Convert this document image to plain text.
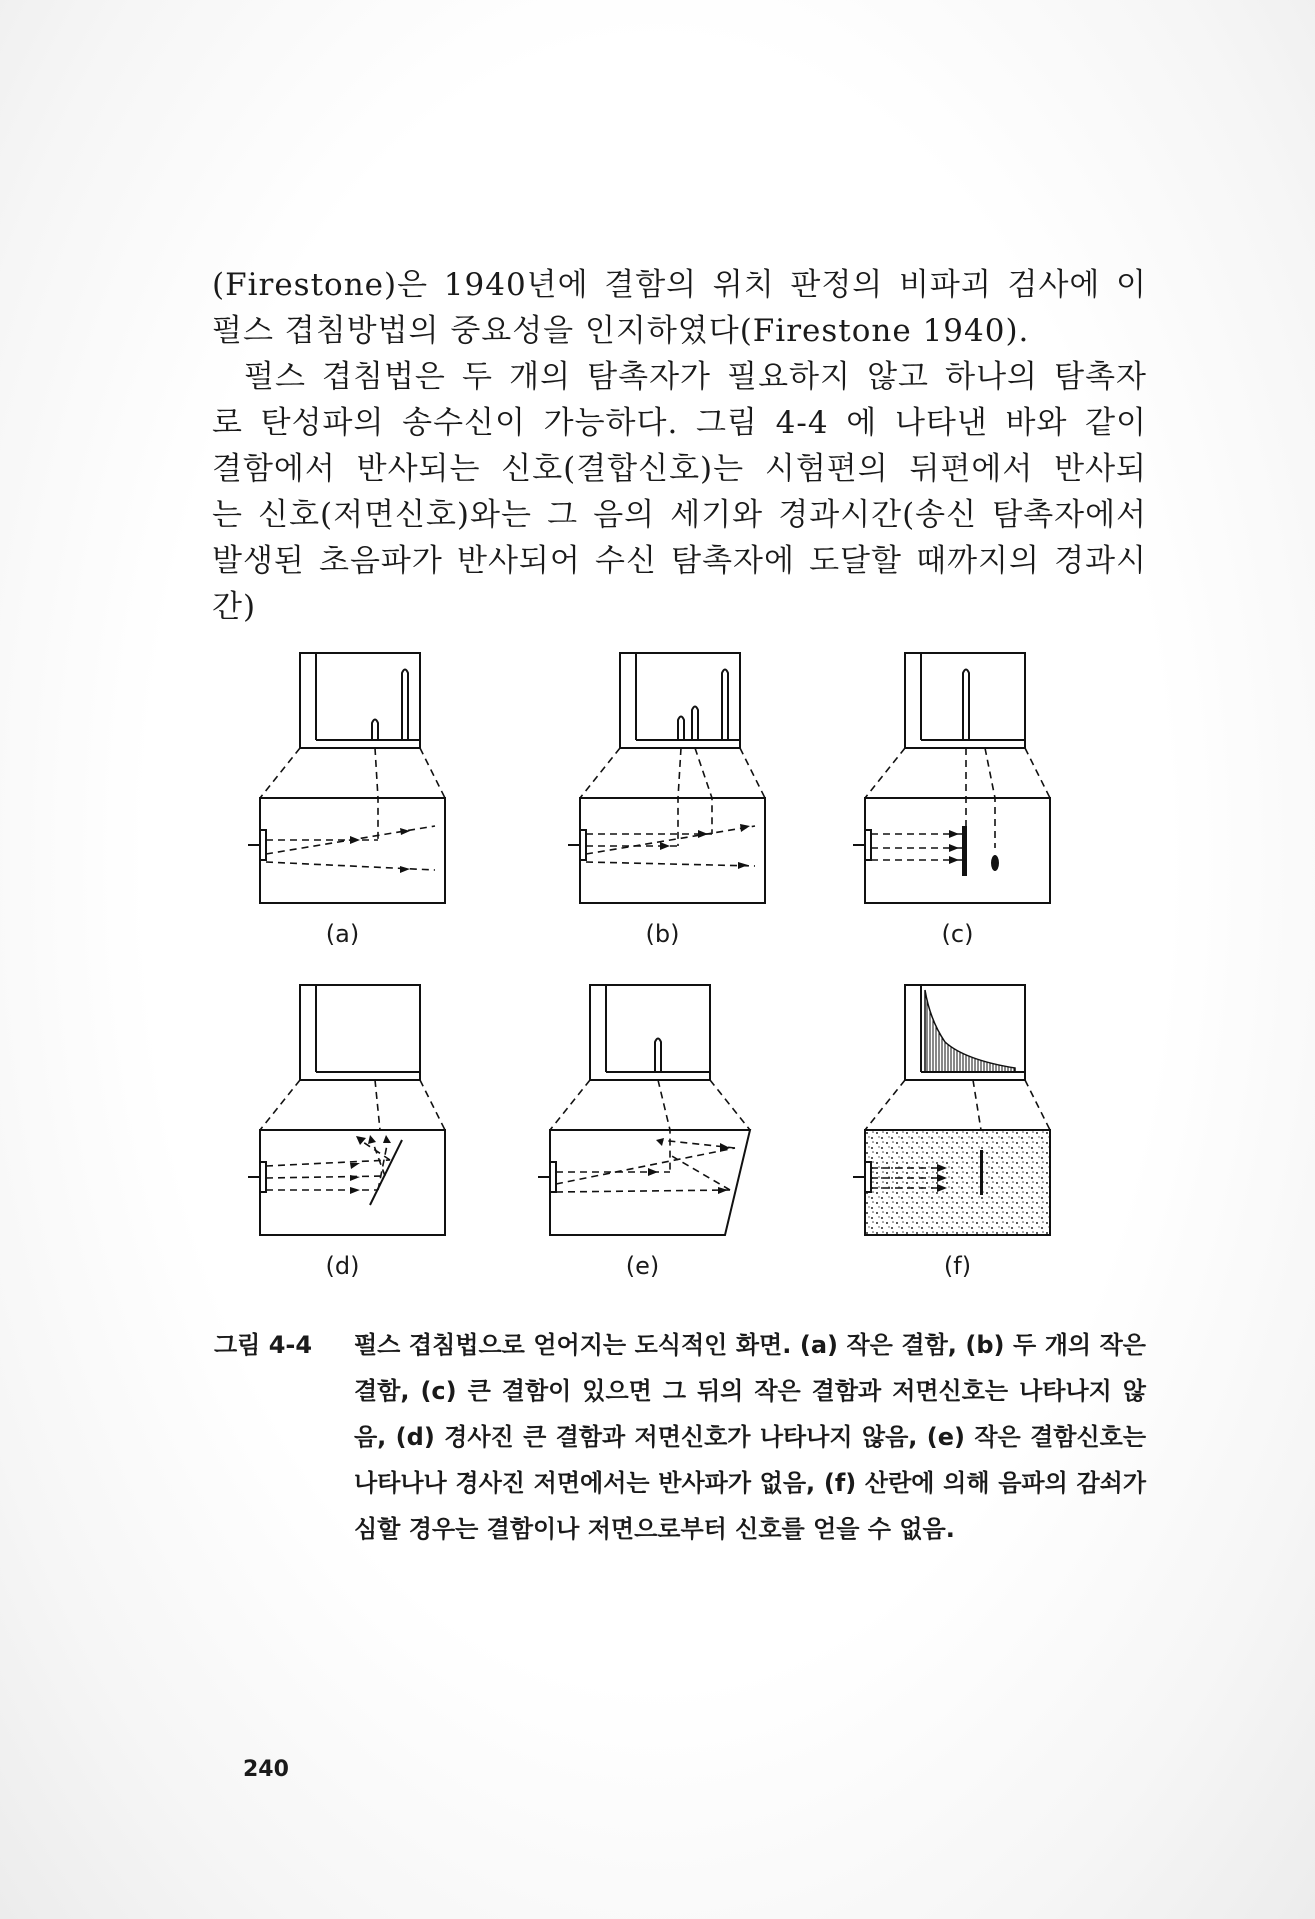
(Firestone)은 1940년에 결함의 위치 판정의 비파괴 검사에 이

펄스 겹침방법의 중요성을 인지하였다(Firestone 1940).

펄스 겹침법은 두 개의 탐촉자가 필요하지 않고 하나의 탐촉자

로 탄성파의 송수신이 가능하다. 그림 4-4 에 나타낸 바와 같이

결함에서 반사되는 신호(결합신호)는 시험편의 뒤편에서 반사되

는 신호(저면신호)와는 그 음의 세기와 경과시간(송신 탐촉자에서

발생된 초음파가 반사되어 수신 탐촉자에 도달할 때까지의 경과시간)

(a)	(b)	(c)
(d)	(e)	(f)
그림 4-4	펄스 겹침법으로 얻어지는 도식적인 화면. (a) 작은 결함, (b) 두 개의 작은 결함, (c) 큰 결함이 있으면 그 뒤의 작은 결함과 저면신호는 나타나지 않음, (d) 경사진 큰 결함과 저면신호가 나타나지 않음, (e) 작은 결함신호는 나타나나 경사진 저면에서는 반사파가 없음, (f) 산란에 의해 음파의 감쇠가 심할 경우는 결함이나 저면으로부터 신호를 얻을 수 없음.
240
